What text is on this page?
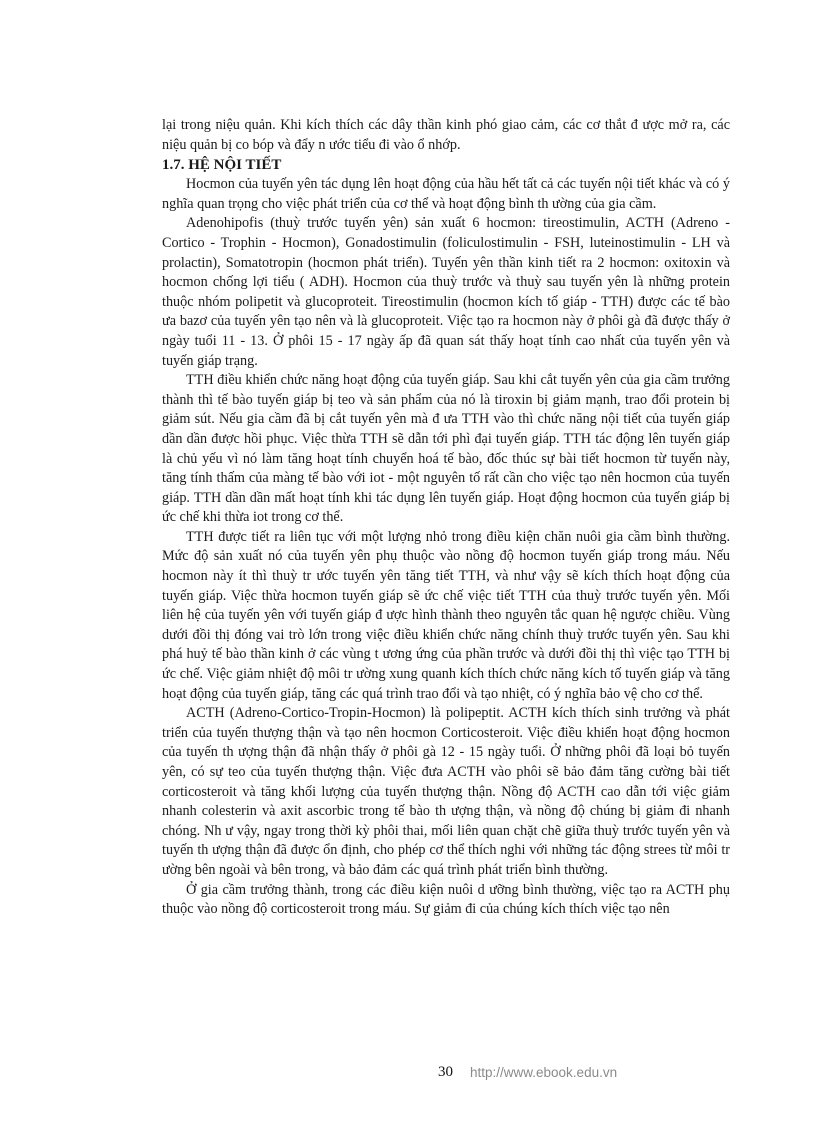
lại trong niệu quản. Khi kích thích các dây thần kinh phó giao cảm, các cơ thắt đ ược mở ra, các niệu quản bị co bóp và đẩy n ước tiểu đi vào ổ nhớp.

1.7. HỆ NỘI TIẾT

Hocmon của tuyến yên tác dụng lên hoạt động của hầu hết tất cả các tuyến nội tiết khác và có ý nghĩa quan trọng cho việc phát triển của cơ thể và hoạt động bình th ường của gia cầm.

Adenohipofis (thuỳ trước tuyến yên) sản xuất 6 hocmon: tireostimulin, ACTH (Adreno - Cortico - Trophin - Hocmon), Gonadostimulin (foliculostimulin - FSH, luteinostimulin - LH và prolactin), Somatotropin (hocmon phát triển). Tuyến yên thần kinh tiết ra 2 hocmon: oxitoxin và hocmon chống lợi tiểu ( ADH). Hocmon của thuỳ trước và thuỳ sau tuyến yên là những protein thuộc nhóm polipetit và glucoproteit. Tireostimulin (hocmon kích tố giáp - TTH) được các tế bào ưa bazơ của tuyến yên tạo nên và là glucoproteit. Việc tạo ra hocmon này ở phôi gà đã được thấy ở ngày tuổi 11 - 13. Ở phôi 15 - 17 ngày ấp đã quan sát thấy hoạt tính cao nhất của tuyến yên và tuyến giáp trạng.

TTH điều khiển chức năng hoạt động của tuyến giáp. Sau khi cắt tuyến yên của gia cầm trưởng thành thì tế bào tuyến giáp bị teo và sản phẩm của nó là tiroxin bị giảm mạnh, trao đổi protein bị giảm sút. Nếu gia cầm đã bị cắt tuyến yên mà đ ưa TTH vào thì chức năng nội tiết của tuyến giáp dần dần được hồi phục. Việc thừa TTH sẽ dẫn tới phì đại tuyến giáp. TTH tác động lên tuyến giáp là chủ yếu vì nó làm tăng hoạt tính chuyển hoá tế bào, đốc thúc sự bài tiết hocmon từ tuyến này, tăng tính thấm của màng tế bào với iot - một nguyên tố rất cần cho việc tạo nên hocmon của tuyến giáp. TTH dần dần mất hoạt tính khi tác dụng lên tuyến giáp. Hoạt động hocmon của tuyến giáp bị ức chế khi thừa iot trong cơ thể.

TTH được tiết ra liên tục với một lượng nhỏ trong điều kiện chăn nuôi gia cầm bình thường. Mức độ sản xuất nó của tuyến yên phụ thuộc vào nồng độ hocmon tuyến giáp trong máu. Nếu hocmon này ít thì thuỳ tr ước tuyến yên tăng tiết TTH, và như vậy sẽ kích thích hoạt động của tuyến giáp. Việc thừa hocmon tuyến giáp sẽ ức chế việc tiết TTH của thuỳ trước tuyến yên. Mối liên hệ của tuyến yên với tuyến giáp đ ược hình thành theo nguyên tắc quan hệ ngược chiều. Vùng dưới đồi thị đóng vai trò lớn trong việc điều khiển chức năng chính thuỳ trước tuyến yên. Sau khi phá huỷ tế bào thần kinh ở các vùng t ương ứng của phần trước và dưới đồi thị thì việc tạo TTH bị ức chế. Việc giảm nhiệt độ môi tr ường xung quanh kích thích chức năng kích tố tuyến giáp và tăng hoạt động của tuyến giáp, tăng các quá trình trao đổi và tạo nhiệt, có ý nghĩa bảo vệ cho cơ thể.

ACTH (Adreno-Cortico-Tropin-Hocmon) là polipeptit. ACTH kích thích sinh trưởng và phát triển của tuyến thượng thận và tạo nên hocmon Corticosteroit. Việc điều khiển hoạt động hocmon của tuyến th ượng thận đã nhận thấy ở phôi gà 12 - 15 ngày tuổi. Ở những phôi đã loại bỏ tuyến yên, có sự teo của tuyến thượng thận. Việc đưa ACTH vào phôi sẽ bảo đảm tăng cường bài tiết corticosteroit và tăng khối lượng của tuyến thượng thận. Nồng độ ACTH cao dẫn tới việc giảm nhanh colesterin và axit ascorbic trong tế bào th ượng thận, và nồng độ chúng bị giảm đi nhanh chóng. Nh ư vậy, ngay trong thời kỳ phôi thai, mối liên quan chặt chẽ giữa thuỳ trước tuyến yên và tuyến th ượng thận đã được ổn định, cho phép cơ thể thích nghi với những tác động strees từ môi tr ường bên ngoài và bên trong, và bảo đảm các quá trình phát triển bình thường.

Ở gia cầm trưởng thành, trong các điều kiện nuôi d ưỡng bình thường, việc tạo ra ACTH phụ thuộc vào nồng độ corticosteroit trong máu. Sự giảm đi của chúng kích thích việc tạo nên

30 http://www.ebook.edu.vn
